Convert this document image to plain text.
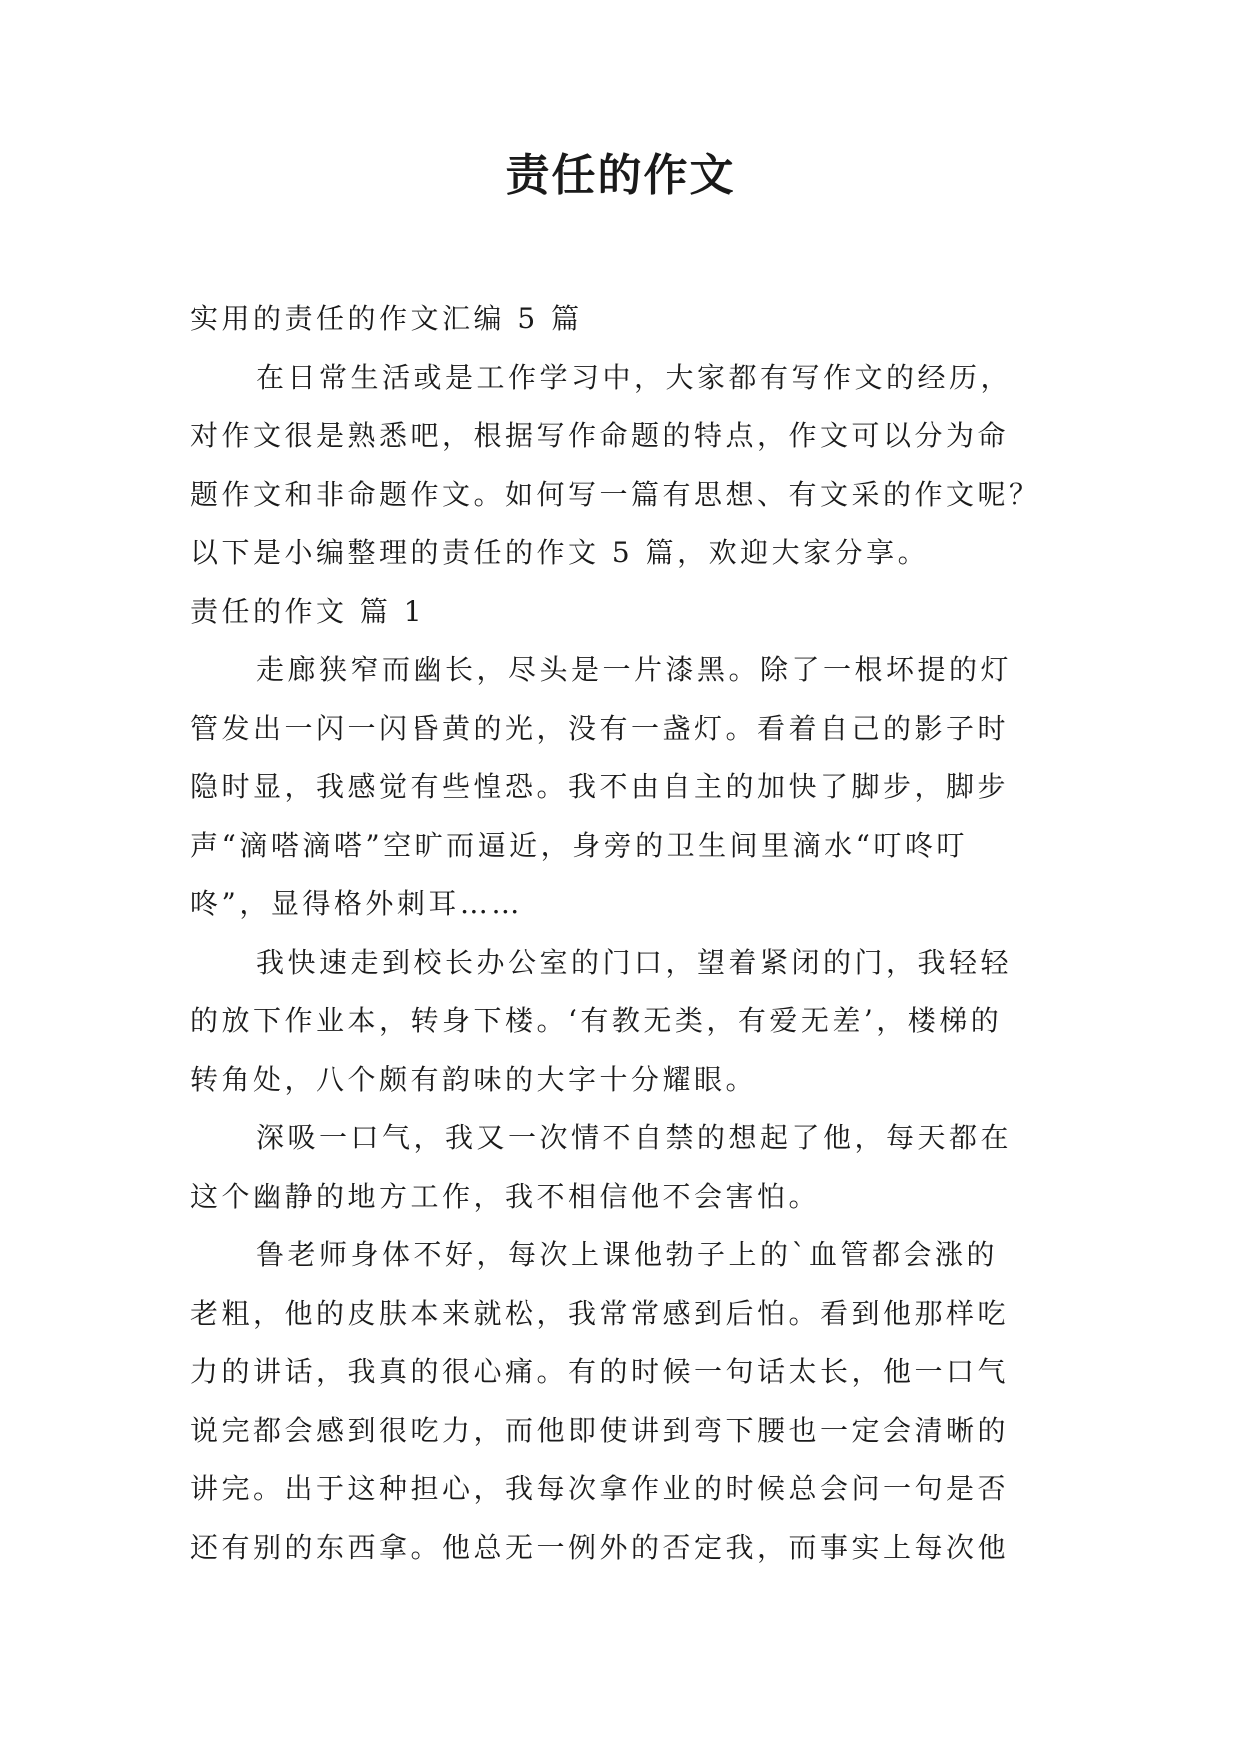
责任的作文
实用的责任的作文汇编 5 篇
在日常生活或是工作学习中，大家都有写作文的经历，
对作文很是熟悉吧，根据写作命题的特点，作文可以分为命
题作文和非命题作文。如何写一篇有思想、有文采的作文呢？
以下是小编整理的责任的作文 5 篇，欢迎大家分享。
责任的作文 篇 1
走廊狭窄而幽长，尽头是一片漆黑。除了一根坏提的灯
管发出一闪一闪昏黄的光，没有一盏灯。看着自己的影子时
隐时显，我感觉有些惶恐。我不由自主的加快了脚步，脚步
声“滴嗒滴嗒”空旷而逼近，身旁的卫生间里滴水“叮咚叮
咚”，显得格外刺耳……
我快速走到校长办公室的门口，望着紧闭的门，我轻轻
的放下作业本，转身下楼。‘有教无类，有爱无差’，楼梯的
转角处，八个颇有韵味的大字十分耀眼。
深吸一口气，我又一次情不自禁的想起了他，每天都在
这个幽静的地方工作，我不相信他不会害怕。
鲁老师身体不好，每次上课他勃子上的`血管都会涨的
老粗，他的皮肤本来就松，我常常感到后怕。看到他那样吃
力的讲话，我真的很心痛。有的时候一句话太长，他一口气
说完都会感到很吃力，而他即使讲到弯下腰也一定会清晰的
讲完。出于这种担心，我每次拿作业的时候总会问一句是否
还有别的东西拿。他总无一例外的否定我，而事实上每次他
